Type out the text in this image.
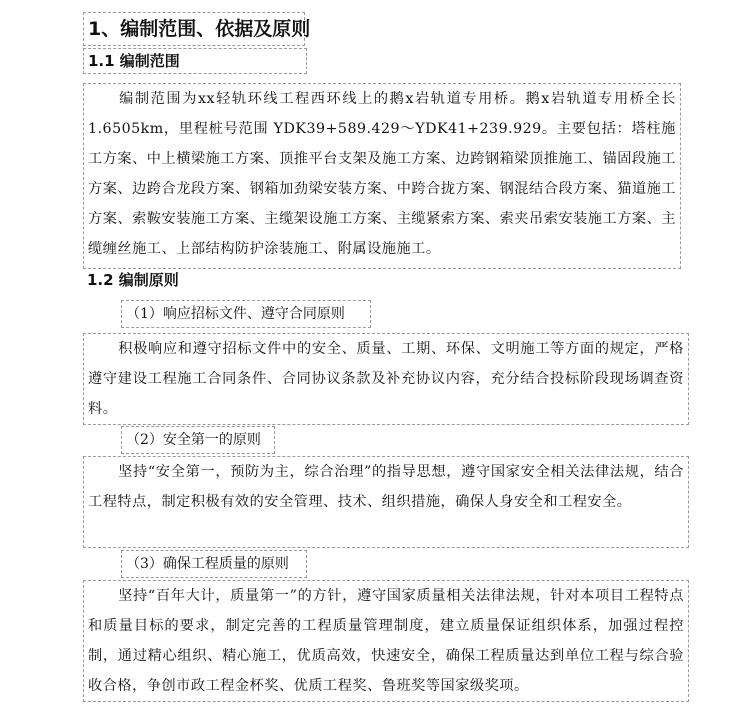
1、编制范围、依据及原则
1.1 编制范围
编制范围为xx轻轨环线工程西环线上的鹅x岩轨道专用桥。鹅x岩轨道专用桥全长1.6505km，里程桩号范围 YDK39+589.429～YDK41+239.929。主要包括：塔柱施工方案、中上横梁施工方案、顶推平台支架及施工方案、边跨钢箱梁顶推施工、锚固段施工方案、边跨合龙段方案、钢箱加劲梁安装方案、中跨合拢方案、钢混结合段方案、猫道施工方案、索鞍安装施工方案、主缆架设施工方案、主缆紧索方案、索夹吊索安装施工方案、主缆缠丝施工、上部结构防护涂装施工、附属设施施工。
1.2 编制原则
（1）响应招标文件、遵守合同原则
积极响应和遵守招标文件中的安全、质量、工期、环保、文明施工等方面的规定，严格遵守建设工程施工合同条件、合同协议条款及补充协议内容，充分结合投标阶段现场调查资料。
（2）安全第一的原则
坚持“安全第一，预防为主，综合治理”的指导思想，遵守国家安全相关法律法规，结合工程特点，制定积极有效的安全管理、技术、组织措施，确保人身安全和工程安全。
（3）确保工程质量的原则
坚持“百年大计，质量第一”的方针，遵守国家质量相关法律法规，针对本项目工程特点和质量目标的要求，制定完善的工程质量管理制度，建立质量保证组织体系，加强过程控制，通过精心组织、精心施工，优质高效，快速安全，确保工程质量达到单位工程与综合验收合格，争创市政工程金杯奖、优质工程奖、鲁班奖等国家级奖项。
